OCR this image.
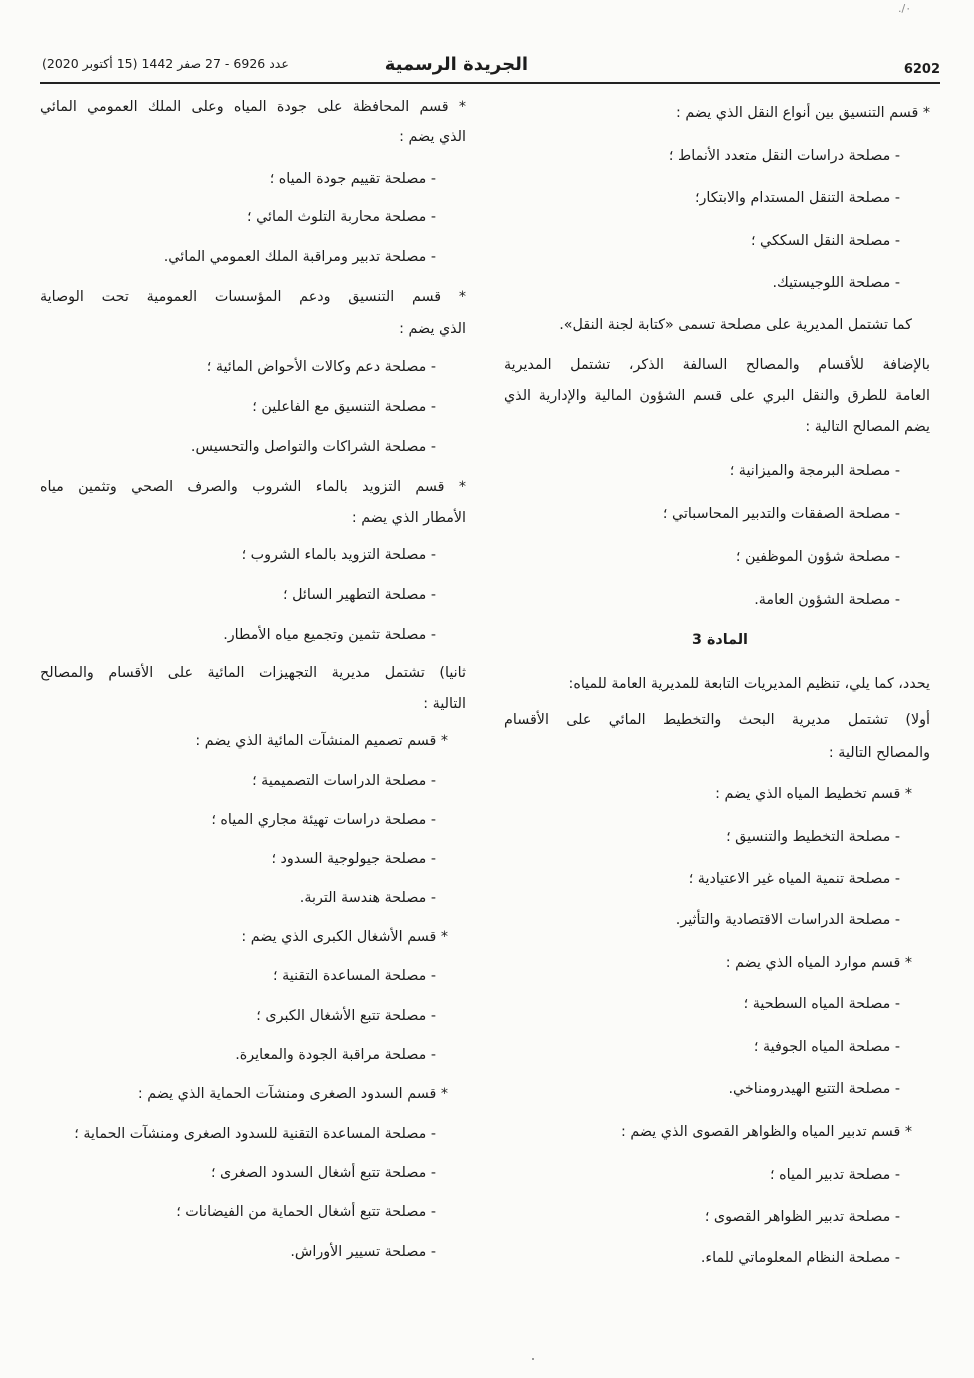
٠/.
6202
الجريدة الرسمية
عدد 6926 - 27 صفر 1442 (15 أكتوبر 2020)
* قسم التنسيق بين أنواع النقل الذي يضم :
- مصلحة دراسات النقل متعدد الأنماط ؛
- مصلحة التنقل المستدام والابتكار؛
- مصلحة النقل السككي ؛
- مصلحة اللوجيستيك.
كما تشتمل المديرية على مصلحة تسمى «كتابة لجنة النقل».
بالإضافة للأقسام والمصالح السالفة الذكر، تشتمل المديرية
العامة للطرق والنقل البري على قسم الشؤون المالية والإدارية الذي
يضم المصالح التالية :
- مصلحة البرمجة والميزانية ؛
- مصلحة الصفقات والتدبير المحاسباتي ؛
- مصلحة شؤون الموظفين ؛
- مصلحة الشؤون العامة.
المادة 3
يحدد، كما يلي، تنظيم المديريات التابعة للمديرية العامة للمياه:
أولا) تشتمل مديرية البحث والتخطيط المائي على الأقسام
والمصالح التالية :
* قسم تخطيط المياه الذي يضم :
- مصلحة التخطيط والتنسيق ؛
- مصلحة تنمية المياه غير الاعتيادية ؛
- مصلحة الدراسات الاقتصادية والتأثير.
* قسم موارد المياه الذي يضم :
- مصلحة المياه السطحية ؛
- مصلحة المياه الجوفية ؛
- مصلحة التتبع الهيدرومناخي.
* قسم تدبير المياه والظواهر القصوى الذي يضم :
- مصلحة تدبير المياه ؛
- مصلحة تدبير الظواهر القصوى ؛
- مصلحة النظام المعلوماتي للماء.
* قسم المحافظة على جودة المياه وعلى الملك العمومي المائي
الذي يضم :
- مصلحة تقييم جودة المياه ؛
- مصلحة محاربة التلوث المائي ؛
- مصلحة تدبير ومراقبة الملك العمومي المائي.
* قسم التنسيق ودعم المؤسسات العمومية تحت الوصاية
الذي يضم :
- مصلحة دعم وكالات الأحواض المائية ؛
- مصلحة التنسيق مع الفاعلين ؛
- مصلحة الشراكات والتواصل والتحسيس.
* قسم التزويد بالماء الشروب والصرف الصحي وتثمين مياه
الأمطار الذي يضم :
- مصلحة التزويد بالماء الشروب ؛
- مصلحة التطهير السائل ؛
- مصلحة تثمين وتجميع مياه الأمطار.
ثانيا) تشتمل مديرية التجهيزات المائية على الأقسام والمصالح
التالية :
* قسم تصميم المنشآت المائية الذي يضم :
- مصلحة الدراسات التصميمية ؛
- مصلحة دراسات تهيئة مجاري المياه ؛
- مصلحة جيولوجية السدود ؛
- مصلحة هندسة التربة.
* قسم الأشغال الكبرى الذي يضم :
- مصلحة المساعدة التقنية ؛
- مصلحة تتبع الأشغال الكبرى ؛
- مصلحة مراقبة الجودة والمعايرة.
* قسم السدود الصغرى ومنشآت الحماية الذي يضم :
- مصلحة المساعدة التقنية للسدود الصغرى ومنشآت الحماية ؛
- مصلحة تتبع أشغال السدود الصغرى ؛
- مصلحة تتبع أشغال الحماية من الفيضانات ؛
- مصلحة تسيير الأوراش.
